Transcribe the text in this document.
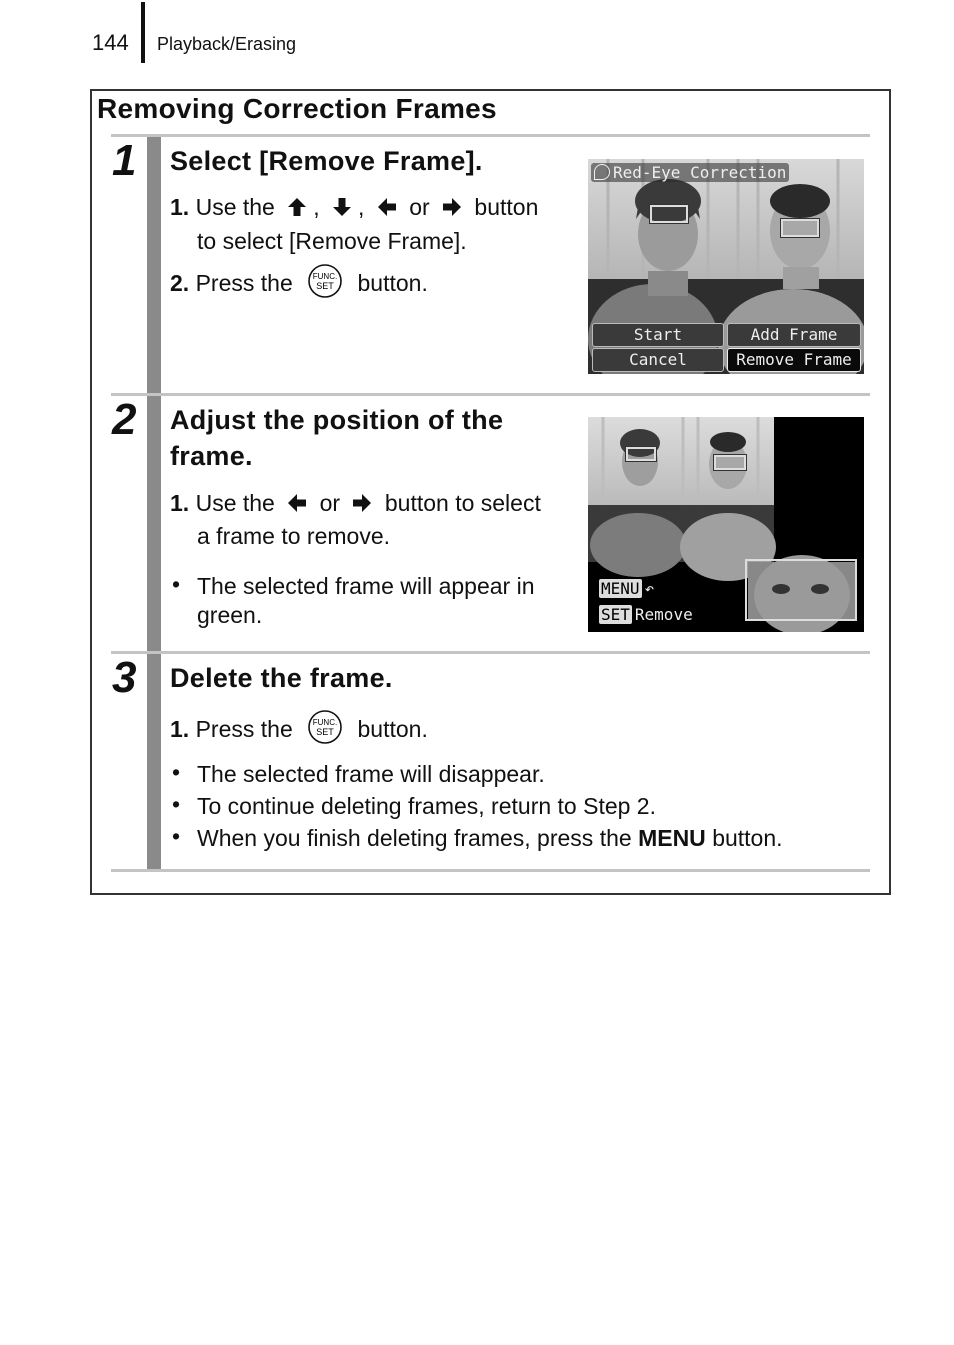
144 Playback/Erasing
Removing Correction Frames
1 Select [Remove Frame].
1. Use the , ,  or button
to select [Remove Frame].
2. Press the	FUNC.
SET button.
Red-Eye Correction
Start	Add Frame
Cancel	Remove Frame
2 Adjust the position of the
frame.
1. Use the or button to select
a frame to remove.
• The selected frame will appear in
green.
MENU ↶
SET Remove
3 Delete the frame.
1. Press the	FUNC.
SET button.
• The selected frame will disappear.
• To continue deleting frames, return to Step 2.
• When you finish deleting frames, press the MENU button.
